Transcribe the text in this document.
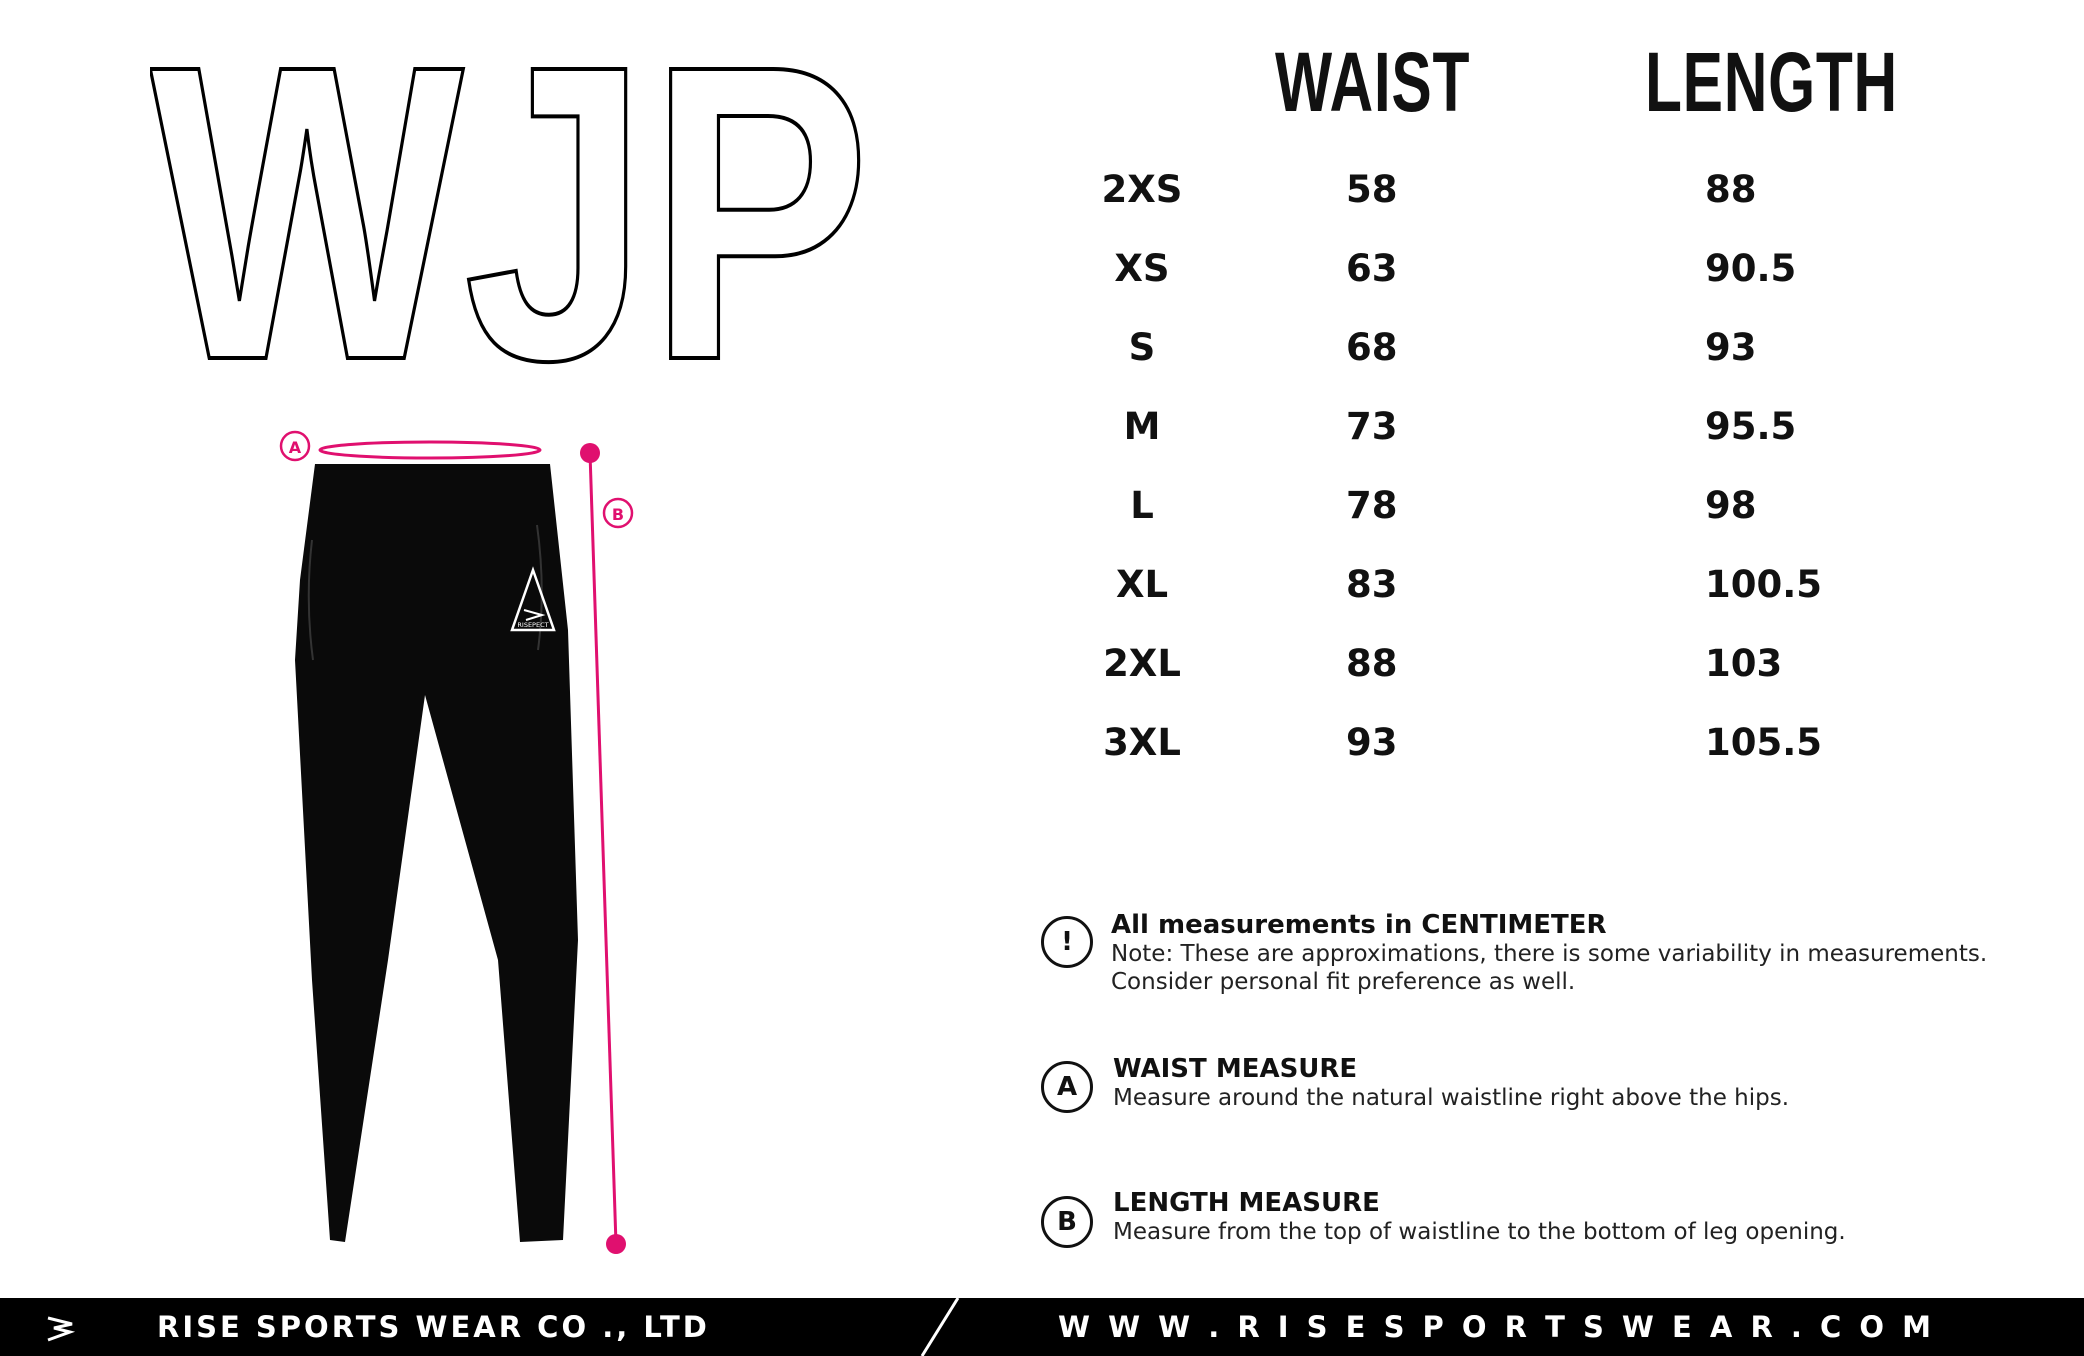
WJP
A
B
RISEPECT
WAIST LENGTH
2XS	58	88
XS	63	90.5
S	68	93
M	73	95.5
L	78	98
XL	83	100.5
2XL	88	103
3XL	93	105.5
!
All measurements in CENTIMETER
Note: These are approximations, there is some variability in measurements.
Consider personal fit preference as well.
A
WAIST MEASURE
Measure around the natural waistline right above the hips.
B
LENGTH MEASURE
Measure from the top of waistline to the bottom of leg opening.
RISE SPORTS WEAR CO ., LTD	W W W . R I S E S P O R T S W E A R . C O M
